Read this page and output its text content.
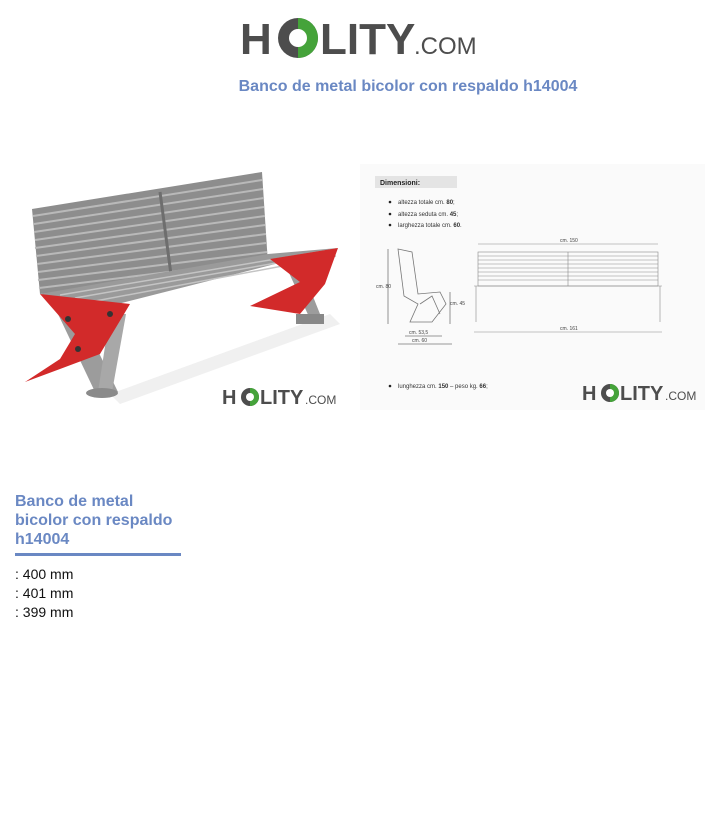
H LITY
.COM
Banco de metal bicolor con respaldo h14004
H LITY .COM
Dimensioni:
altezza totale cm. 80;
altezza seduta cm. 45;
larghezza totale cm. 60.
cm. 80
cm. 45
cm. 53,5
cm. 60
cm. 150
cm. 161
lunghezza cm. 150 – peso kg. 66;	H LITY .COM
Banco de metal
bicolor con respaldo
h14004
: 400 mm
: 401 mm
: 399 mm
